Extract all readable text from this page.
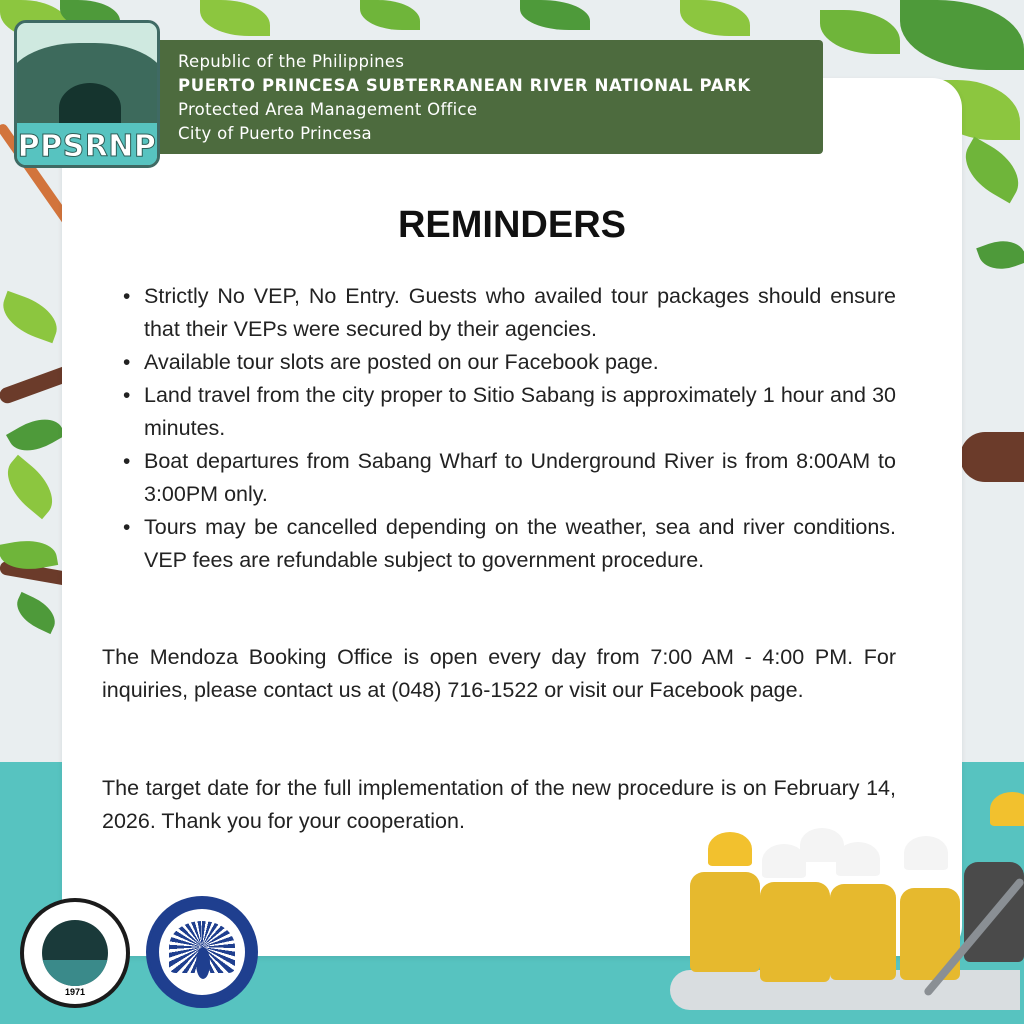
Republic of the Philippines
PUERTO PRINCESA SUBTERRANEAN RIVER NATIONAL PARK
Protected Area Management Office
City of Puerto Princesa
PPSRNP
REMINDERS
• Strictly No VEP, No Entry. Guests who availed tour packages should ensure that their VEPs were secured by their agencies.
• Available tour slots are posted on our Facebook page.
• Land travel from the city proper to Sitio Sabang is approximately 1 hour and 30 minutes.
• Boat departures from Sabang Wharf to Underground River is from 8:00AM to 3:00PM only.
• Tours may be cancelled depending on the weather, sea and river conditions. VEP fees are refundable subject to government procedure.
The Mendoza Booking Office is open every day from 7:00 AM - 4:00 PM. For inquiries, please contact us at (048) 716-1522 or visit our Facebook page.
The target date for the full implementation of the new procedure is on February 14, 2026. Thank you for your cooperation.
1971
